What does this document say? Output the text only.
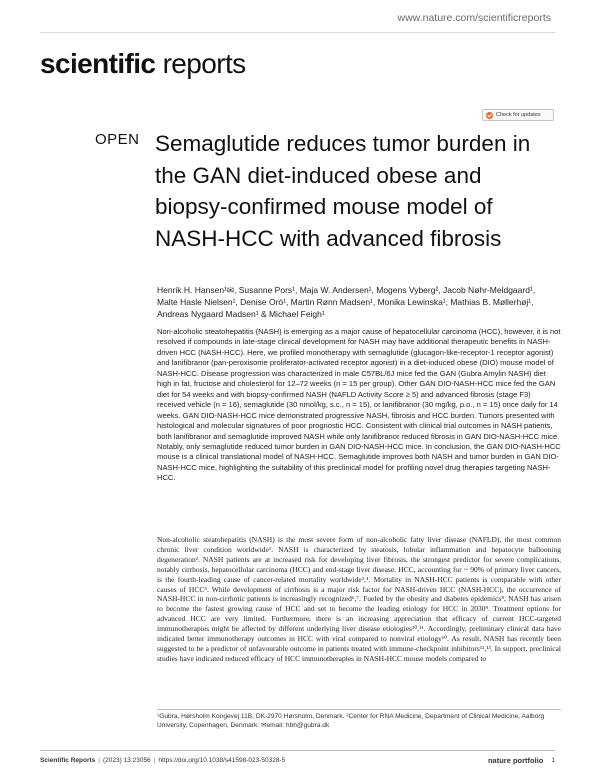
www.nature.com/scientificreports
scientific reports
Check for updates
OPEN Semaglutide reduces tumor burden in the GAN diet-induced obese and biopsy-confirmed mouse model of NASH-HCC with advanced fibrosis
Henrik H. Hansen¹✉, Susanne Pors¹, Maja W. Andersen¹, Mogens Vyberg², Jacob Nøhr-Meldgaard¹, Malte Hasle Nielsen¹, Denise Oró¹, Martin Rønn Madsen¹, Monika Lewinska¹, Mathias B. Møllerhøj¹, Andreas Nygaard Madsen¹ & Michael Feigh¹
Non-alcoholic steatohepatitis (NASH) is emerging as a major cause of hepatocellular carcinoma (HCC), however, it is not resolved if compounds in late-stage clinical development for NASH may have additional therapeutic benefits in NASH-driven HCC (NASH-HCC). Here, we profiled monotherapy with semaglutide (glucagon-like-receptor-1 receptor agonist) and lanifibranor (pan-peroxisome proliferator-activated receptor agonist) in a diet-induced obese (DIO) mouse model of NASH-HCC. Disease progression was characterized in male C57BL/6J mice fed the GAN (Gubra Amylin NASH) diet high in fat, fructose and cholesterol for 12–72 weeks (n = 15 per group). Other GAN DIO-NASH-HCC mice fed the GAN diet for 54 weeks and with biopsy-confirmed NASH (NAFLD Activity Score ≥ 5) and advanced fibrosis (stage F3) received vehicle (n = 16), semaglutide (30 nmol/kg, s.c., n = 15), or lanifibranor (30 mg/kg, p.o., n = 15) once daily for 14 weeks. GAN DIO-NASH-HCC mice demonstrated progressive NASH, fibrosis and HCC burden. Tumors presented with histological and molecular signatures of poor prognostic HCC. Consistent with clinical trial outcomes in NASH patients, both lanifibranor and semaglutide improved NASH while only lanifibranor reduced fibrosis in GAN DIO-NASH-HCC mice. Notably, only semaglutide reduced tumor burden in GAN DIO-NASH-HCC mice. In conclusion, the GAN DIO-NASH-HCC mouse is a clinical translational model of NASH-HCC. Semaglutide improves both NASH and tumor burden in GAN DIO-NASH-HCC mice, highlighting the suitability of this preclinical model for profiling novel drug therapies targeting NASH-HCC.
Non-alcoholic steatohepatitis (NASH) is the most severe form of non-alcoholic fatty liver disease (NAFLD), the most common chronic liver condition worldwide¹. NASH is characterized by steatosis, lobular inflammation and hepatocyte ballooning degeneration². NASH patients are at increased risk for developing liver fibrosis, the strongest predictor for severe complications, notably cirrhosis, hepatocellular carcinoma (HCC) and end-stage liver disease. HCC, accounting for ~ 90% of primary liver cancers, is the fourth-leading cause of cancer-related mortality worldwide³,⁴. Mortality in NASH-HCC patients is comparable with other causes of HCC⁵. While development of cirrhosis is a major risk factor for NASH-driven HCC (NASH-HCC), the occurrence of NASH-HCC in non-cirrhotic patients is increasingly recognized⁶,⁷. Fueled by the obesity and diabetes epidemics⁸, NASH has arisen to become the fastest growing cause of HCC and set to become the leading etiology for HCC in 2030⁹. Treatment options for advanced HCC are very limited. Furthermore, there is an increasing appreciation that efficacy of current HCC-targeted immunotherapies might be affected by different underlying liver disease etiologies¹⁰,¹¹. Accordingly, preliminary clinical data have indicated better immunotherapy outcomes in HCC with viral compared to nonviral etiology¹⁰. As result, NASH has recently been suggested to be a predictor of unfavourable outcome in patients treated with immune-checkpoint inhibitors¹²,¹³. In support, preclinical studies have indicated reduced efficacy of HCC immunotherapies in NASH-HCC mouse models compared to
¹Gubra, Hørsholm Kongevej 11B, DK-2970 Hørsholm, Denmark. ²Center for RNA Medicine, Department of Clinical Medicine, Aalborg University, Copenhagen, Denmark. ✉email: hbh@gubra.dk
Scientific Reports | (2023) 13:23056 | https://doi.org/10.1038/s41598-023-50328-5	nature portfolio 1
